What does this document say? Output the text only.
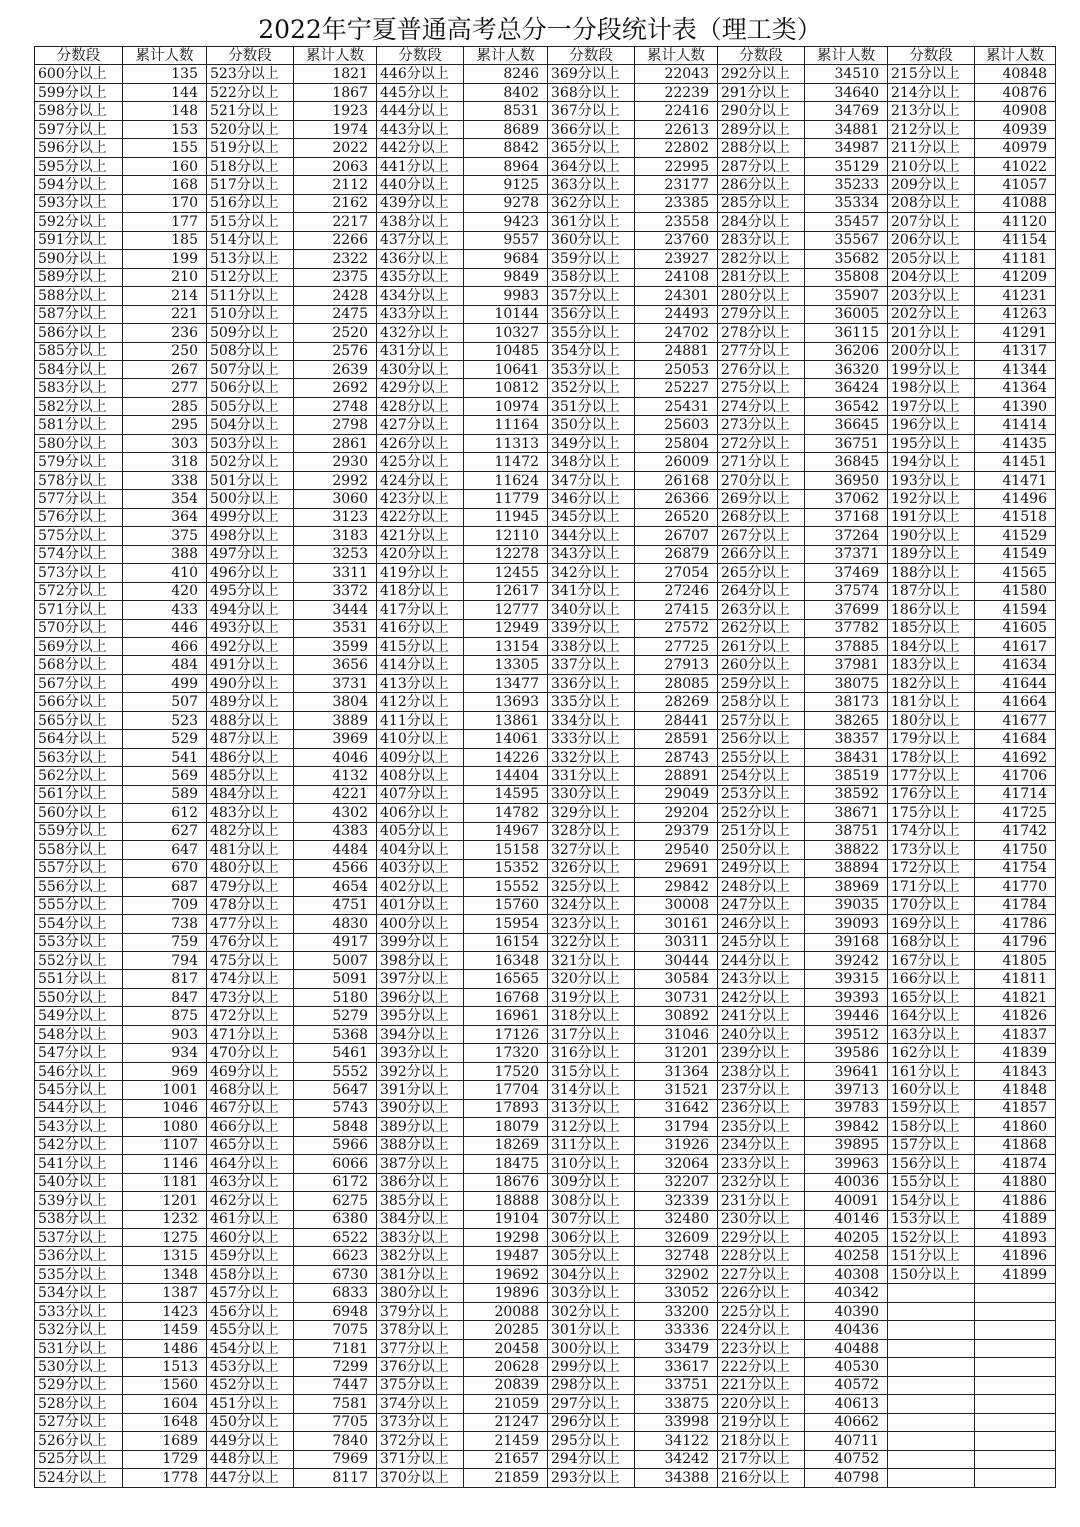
2022年宁夏普通高考总分一分段统计表（理工类）
分数段	累计人数	分数段	累计人数	分数段	累计人数	分数段	累计人数	分数段	累计人数	分数段	累计人数
600分以上	135	523分以上	1821	446分以上	8246	369分以上	22043	292分以上	34510	215分以上	40848
599分以上	144	522分以上	1867	445分以上	8402	368分以上	22239	291分以上	34640	214分以上	40876
598分以上	148	521分以上	1923	444分以上	8531	367分以上	22416	290分以上	34769	213分以上	40908
597分以上	153	520分以上	1974	443分以上	8689	366分以上	22613	289分以上	34881	212分以上	40939
596分以上	155	519分以上	2022	442分以上	8842	365分以上	22802	288分以上	34987	211分以上	40979
595分以上	160	518分以上	2063	441分以上	8964	364分以上	22995	287分以上	35129	210分以上	41022
594分以上	168	517分以上	2112	440分以上	9125	363分以上	23177	286分以上	35233	209分以上	41057
593分以上	170	516分以上	2162	439分以上	9278	362分以上	23385	285分以上	35334	208分以上	41088
592分以上	177	515分以上	2217	438分以上	9423	361分以上	23558	284分以上	35457	207分以上	41120
591分以上	185	514分以上	2266	437分以上	9557	360分以上	23760	283分以上	35567	206分以上	41154
590分以上	199	513分以上	2322	436分以上	9684	359分以上	23927	282分以上	35682	205分以上	41181
589分以上	210	512分以上	2375	435分以上	9849	358分以上	24108	281分以上	35808	204分以上	41209
588分以上	214	511分以上	2428	434分以上	9983	357分以上	24301	280分以上	35907	203分以上	41231
587分以上	221	510分以上	2475	433分以上	10144	356分以上	24493	279分以上	36005	202分以上	41263
586分以上	236	509分以上	2520	432分以上	10327	355分以上	24702	278分以上	36115	201分以上	41291
585分以上	250	508分以上	2576	431分以上	10485	354分以上	24881	277分以上	36206	200分以上	41317
584分以上	267	507分以上	2639	430分以上	10641	353分以上	25053	276分以上	36320	199分以上	41344
583分以上	277	506分以上	2692	429分以上	10812	352分以上	25227	275分以上	36424	198分以上	41364
582分以上	285	505分以上	2748	428分以上	10974	351分以上	25431	274分以上	36542	197分以上	41390
581分以上	295	504分以上	2798	427分以上	11164	350分以上	25603	273分以上	36645	196分以上	41414
580分以上	303	503分以上	2861	426分以上	11313	349分以上	25804	272分以上	36751	195分以上	41435
579分以上	318	502分以上	2930	425分以上	11472	348分以上	26009	271分以上	36845	194分以上	41451
578分以上	338	501分以上	2992	424分以上	11624	347分以上	26168	270分以上	36950	193分以上	41471
577分以上	354	500分以上	3060	423分以上	11779	346分以上	26366	269分以上	37062	192分以上	41496
576分以上	364	499分以上	3123	422分以上	11945	345分以上	26520	268分以上	37168	191分以上	41518
575分以上	375	498分以上	3183	421分以上	12110	344分以上	26707	267分以上	37264	190分以上	41529
574分以上	388	497分以上	3253	420分以上	12278	343分以上	26879	266分以上	37371	189分以上	41549
573分以上	410	496分以上	3311	419分以上	12455	342分以上	27054	265分以上	37469	188分以上	41565
572分以上	420	495分以上	3372	418分以上	12617	341分以上	27246	264分以上	37574	187分以上	41580
571分以上	433	494分以上	3444	417分以上	12777	340分以上	27415	263分以上	37699	186分以上	41594
570分以上	446	493分以上	3531	416分以上	12949	339分以上	27572	262分以上	37782	185分以上	41605
569分以上	466	492分以上	3599	415分以上	13154	338分以上	27725	261分以上	37885	184分以上	41617
568分以上	484	491分以上	3656	414分以上	13305	337分以上	27913	260分以上	37981	183分以上	41634
567分以上	499	490分以上	3731	413分以上	13477	336分以上	28085	259分以上	38075	182分以上	41644
566分以上	507	489分以上	3804	412分以上	13693	335分以上	28269	258分以上	38173	181分以上	41664
565分以上	523	488分以上	3889	411分以上	13861	334分以上	28441	257分以上	38265	180分以上	41677
564分以上	529	487分以上	3969	410分以上	14061	333分以上	28591	256分以上	38357	179分以上	41684
563分以上	541	486分以上	4046	409分以上	14226	332分以上	28743	255分以上	38431	178分以上	41692
562分以上	569	485分以上	4132	408分以上	14404	331分以上	28891	254分以上	38519	177分以上	41706
561分以上	589	484分以上	4221	407分以上	14595	330分以上	29049	253分以上	38592	176分以上	41714
560分以上	612	483分以上	4302	406分以上	14782	329分以上	29204	252分以上	38671	175分以上	41725
559分以上	627	482分以上	4383	405分以上	14967	328分以上	29379	251分以上	38751	174分以上	41742
558分以上	647	481分以上	4484	404分以上	15158	327分以上	29540	250分以上	38822	173分以上	41750
557分以上	670	480分以上	4566	403分以上	15352	326分以上	29691	249分以上	38894	172分以上	41754
556分以上	687	479分以上	4654	402分以上	15552	325分以上	29842	248分以上	38969	171分以上	41770
555分以上	709	478分以上	4751	401分以上	15760	324分以上	30008	247分以上	39035	170分以上	41784
554分以上	738	477分以上	4830	400分以上	15954	323分以上	30161	246分以上	39093	169分以上	41786
553分以上	759	476分以上	4917	399分以上	16154	322分以上	30311	245分以上	39168	168分以上	41796
552分以上	794	475分以上	5007	398分以上	16348	321分以上	30444	244分以上	39242	167分以上	41805
551分以上	817	474分以上	5091	397分以上	16565	320分以上	30584	243分以上	39315	166分以上	41811
550分以上	847	473分以上	5180	396分以上	16768	319分以上	30731	242分以上	39393	165分以上	41821
549分以上	875	472分以上	5279	395分以上	16961	318分以上	30892	241分以上	39446	164分以上	41826
548分以上	903	471分以上	5368	394分以上	17126	317分以上	31046	240分以上	39512	163分以上	41837
547分以上	934	470分以上	5461	393分以上	17320	316分以上	31201	239分以上	39586	162分以上	41839
546分以上	969	469分以上	5552	392分以上	17520	315分以上	31364	238分以上	39641	161分以上	41843
545分以上	1001	468分以上	5647	391分以上	17704	314分以上	31521	237分以上	39713	160分以上	41848
544分以上	1046	467分以上	5743	390分以上	17893	313分以上	31642	236分以上	39783	159分以上	41857
543分以上	1080	466分以上	5848	389分以上	18079	312分以上	31794	235分以上	39842	158分以上	41860
542分以上	1107	465分以上	5966	388分以上	18269	311分以上	31926	234分以上	39895	157分以上	41868
541分以上	1146	464分以上	6066	387分以上	18475	310分以上	32064	233分以上	39963	156分以上	41874
540分以上	1181	463分以上	6172	386分以上	18676	309分以上	32207	232分以上	40036	155分以上	41880
539分以上	1201	462分以上	6275	385分以上	18888	308分以上	32339	231分以上	40091	154分以上	41886
538分以上	1232	461分以上	6380	384分以上	19104	307分以上	32480	230分以上	40146	153分以上	41889
537分以上	1275	460分以上	6522	383分以上	19298	306分以上	32609	229分以上	40205	152分以上	41893
536分以上	1315	459分以上	6623	382分以上	19487	305分以上	32748	228分以上	40258	151分以上	41896
535分以上	1348	458分以上	6730	381分以上	19692	304分以上	32902	227分以上	40308	150分以上	41899
534分以上	1387	457分以上	6833	380分以上	19896	303分以上	33052	226分以上	40342		
533分以上	1423	456分以上	6948	379分以上	20088	302分以上	33200	225分以上	40390		
532分以上	1459	455分以上	7075	378分以上	20285	301分以上	33336	224分以上	40436		
531分以上	1486	454分以上	7181	377分以上	20458	300分以上	33479	223分以上	40488		
530分以上	1513	453分以上	7299	376分以上	20628	299分以上	33617	222分以上	40530		
529分以上	1560	452分以上	7447	375分以上	20839	298分以上	33751	221分以上	40572		
528分以上	1604	451分以上	7581	374分以上	21059	297分以上	33875	220分以上	40613		
527分以上	1648	450分以上	7705	373分以上	21247	296分以上	33998	219分以上	40662		
526分以上	1689	449分以上	7840	372分以上	21459	295分以上	34122	218分以上	40711		
525分以上	1729	448分以上	7969	371分以上	21657	294分以上	34242	217分以上	40752		
524分以上	1778	447分以上	8117	370分以上	21859	293分以上	34388	216分以上	40798		
